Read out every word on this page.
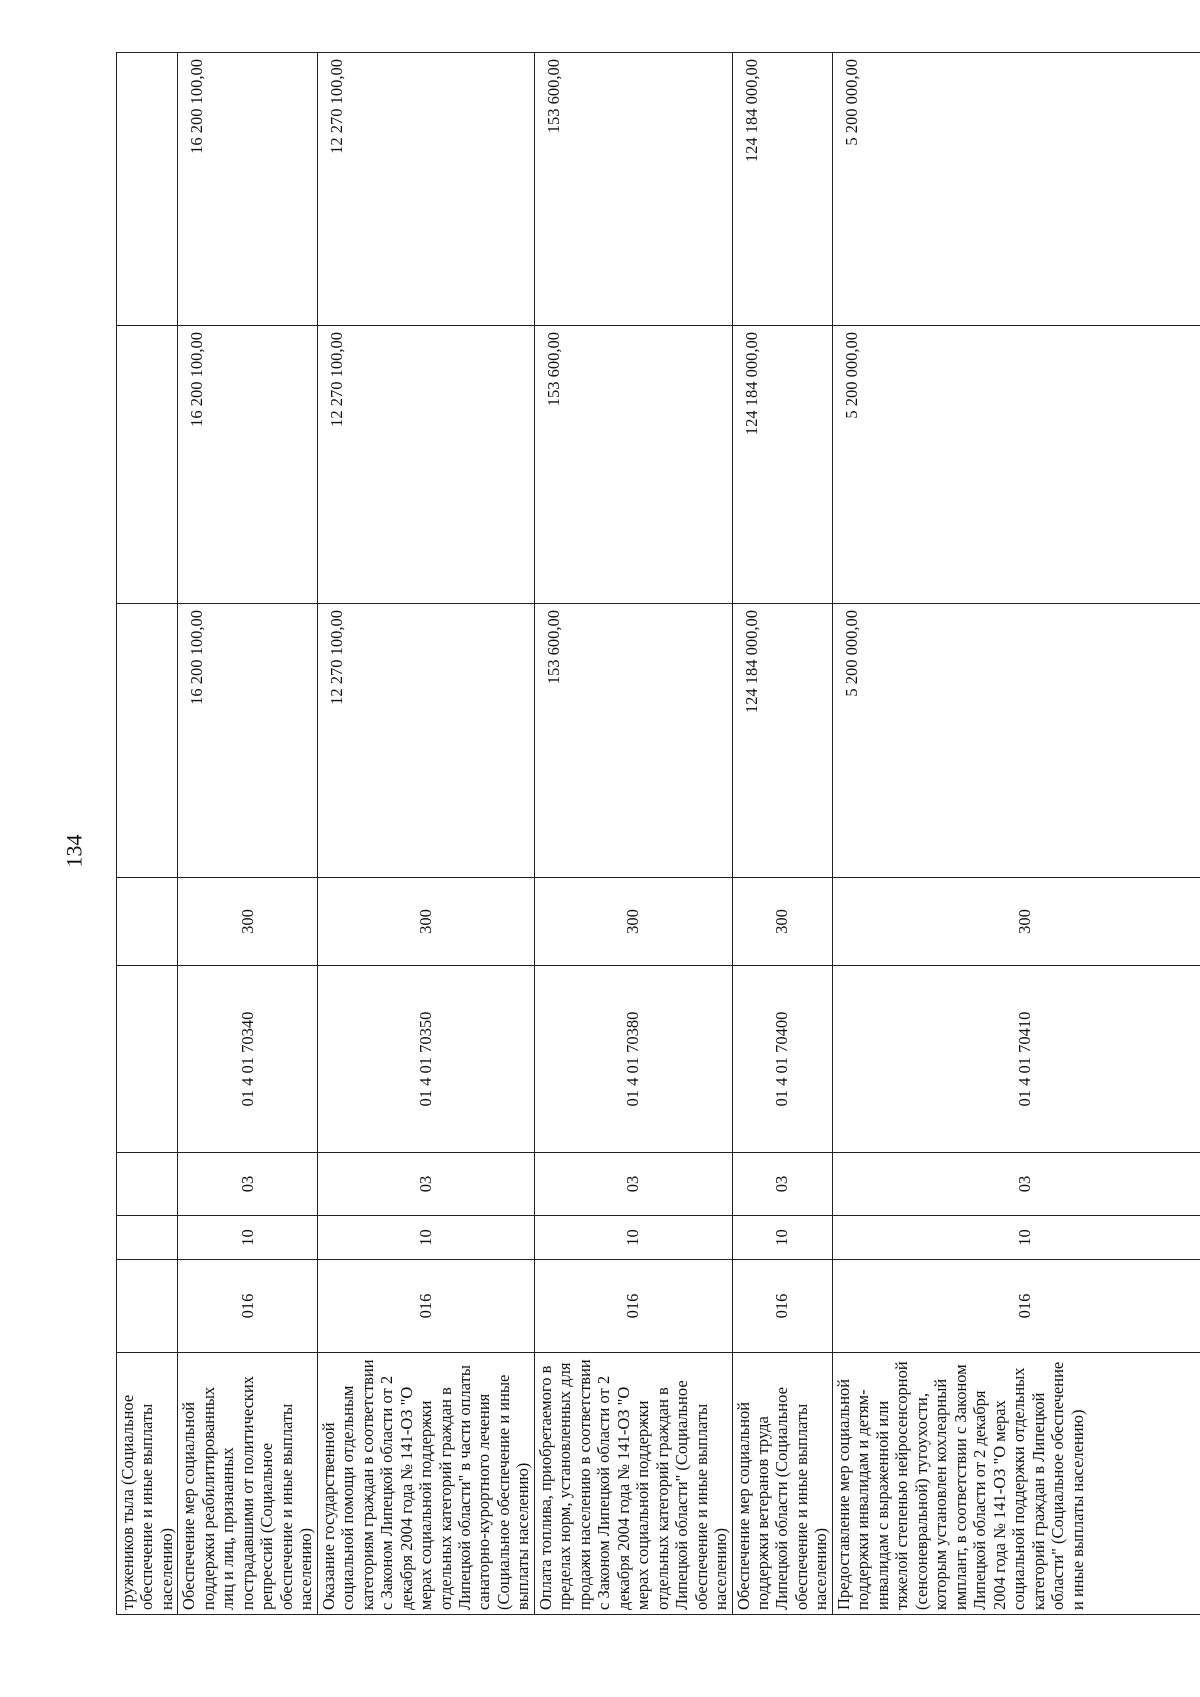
134
тружеников тыла (Социальное обеспечение и иные выплаты населению)								
Обеспечение мер социальной поддержки реабилитированных лиц и лиц, признанных пострадавшими от политических репрессий (Социальное обеспечение и иные выплаты населению)	016	10	03	01 4 01 70340	300	16 200 100,00	16 200 100,00	16 200 100,00
Оказание государственной социальной помощи отдельным категориям граждан в соответствии с Законом Липецкой области от 2 декабря 2004 года № 141-ОЗ "О мерах социальной поддержки отдельных категорий граждан в Липецкой области" в части оплаты санаторно-курортного лечения (Социальное обеспечение и иные выплаты населению)	016	10	03	01 4 01 70350	300	12 270 100,00	12 270 100,00	12 270 100,00
Оплата топлива, приобретаемого в пределах норм, установленных для продажи населению в соответствии с Законом Липецкой области от 2 декабря 2004 года № 141-ОЗ "О мерах социальной поддержки отдельных категорий граждан в Липецкой области" (Социальное обеспечение и иные выплаты населению)	016	10	03	01 4 01 70380	300	153 600,00	153 600,00	153 600,00
Обеспечение мер социальной поддержки ветеранов труда Липецкой области (Социальное обеспечение и иные выплаты населению)	016	10	03	01 4 01 70400	300	124 184 000,00	124 184 000,00	124 184 000,00
Предоставление мер социальной поддержки инвалидам и детям-инвалидам с выраженной или тяжелой степенью нейросенсорной (сенсоневральной) тугоухости, которым установлен кохлеарный имплант, в соответствии с Законом Липецкой области от 2 декабря 2004 года № 141-ОЗ "О мерах социальной поддержки отдельных категорий граждан в Липецкой области" (Социальное обеспечение и иные выплаты населению)	016	10	03	01 4 01 70410	300	5 200 000,00	5 200 000,00	5 200 000,00
